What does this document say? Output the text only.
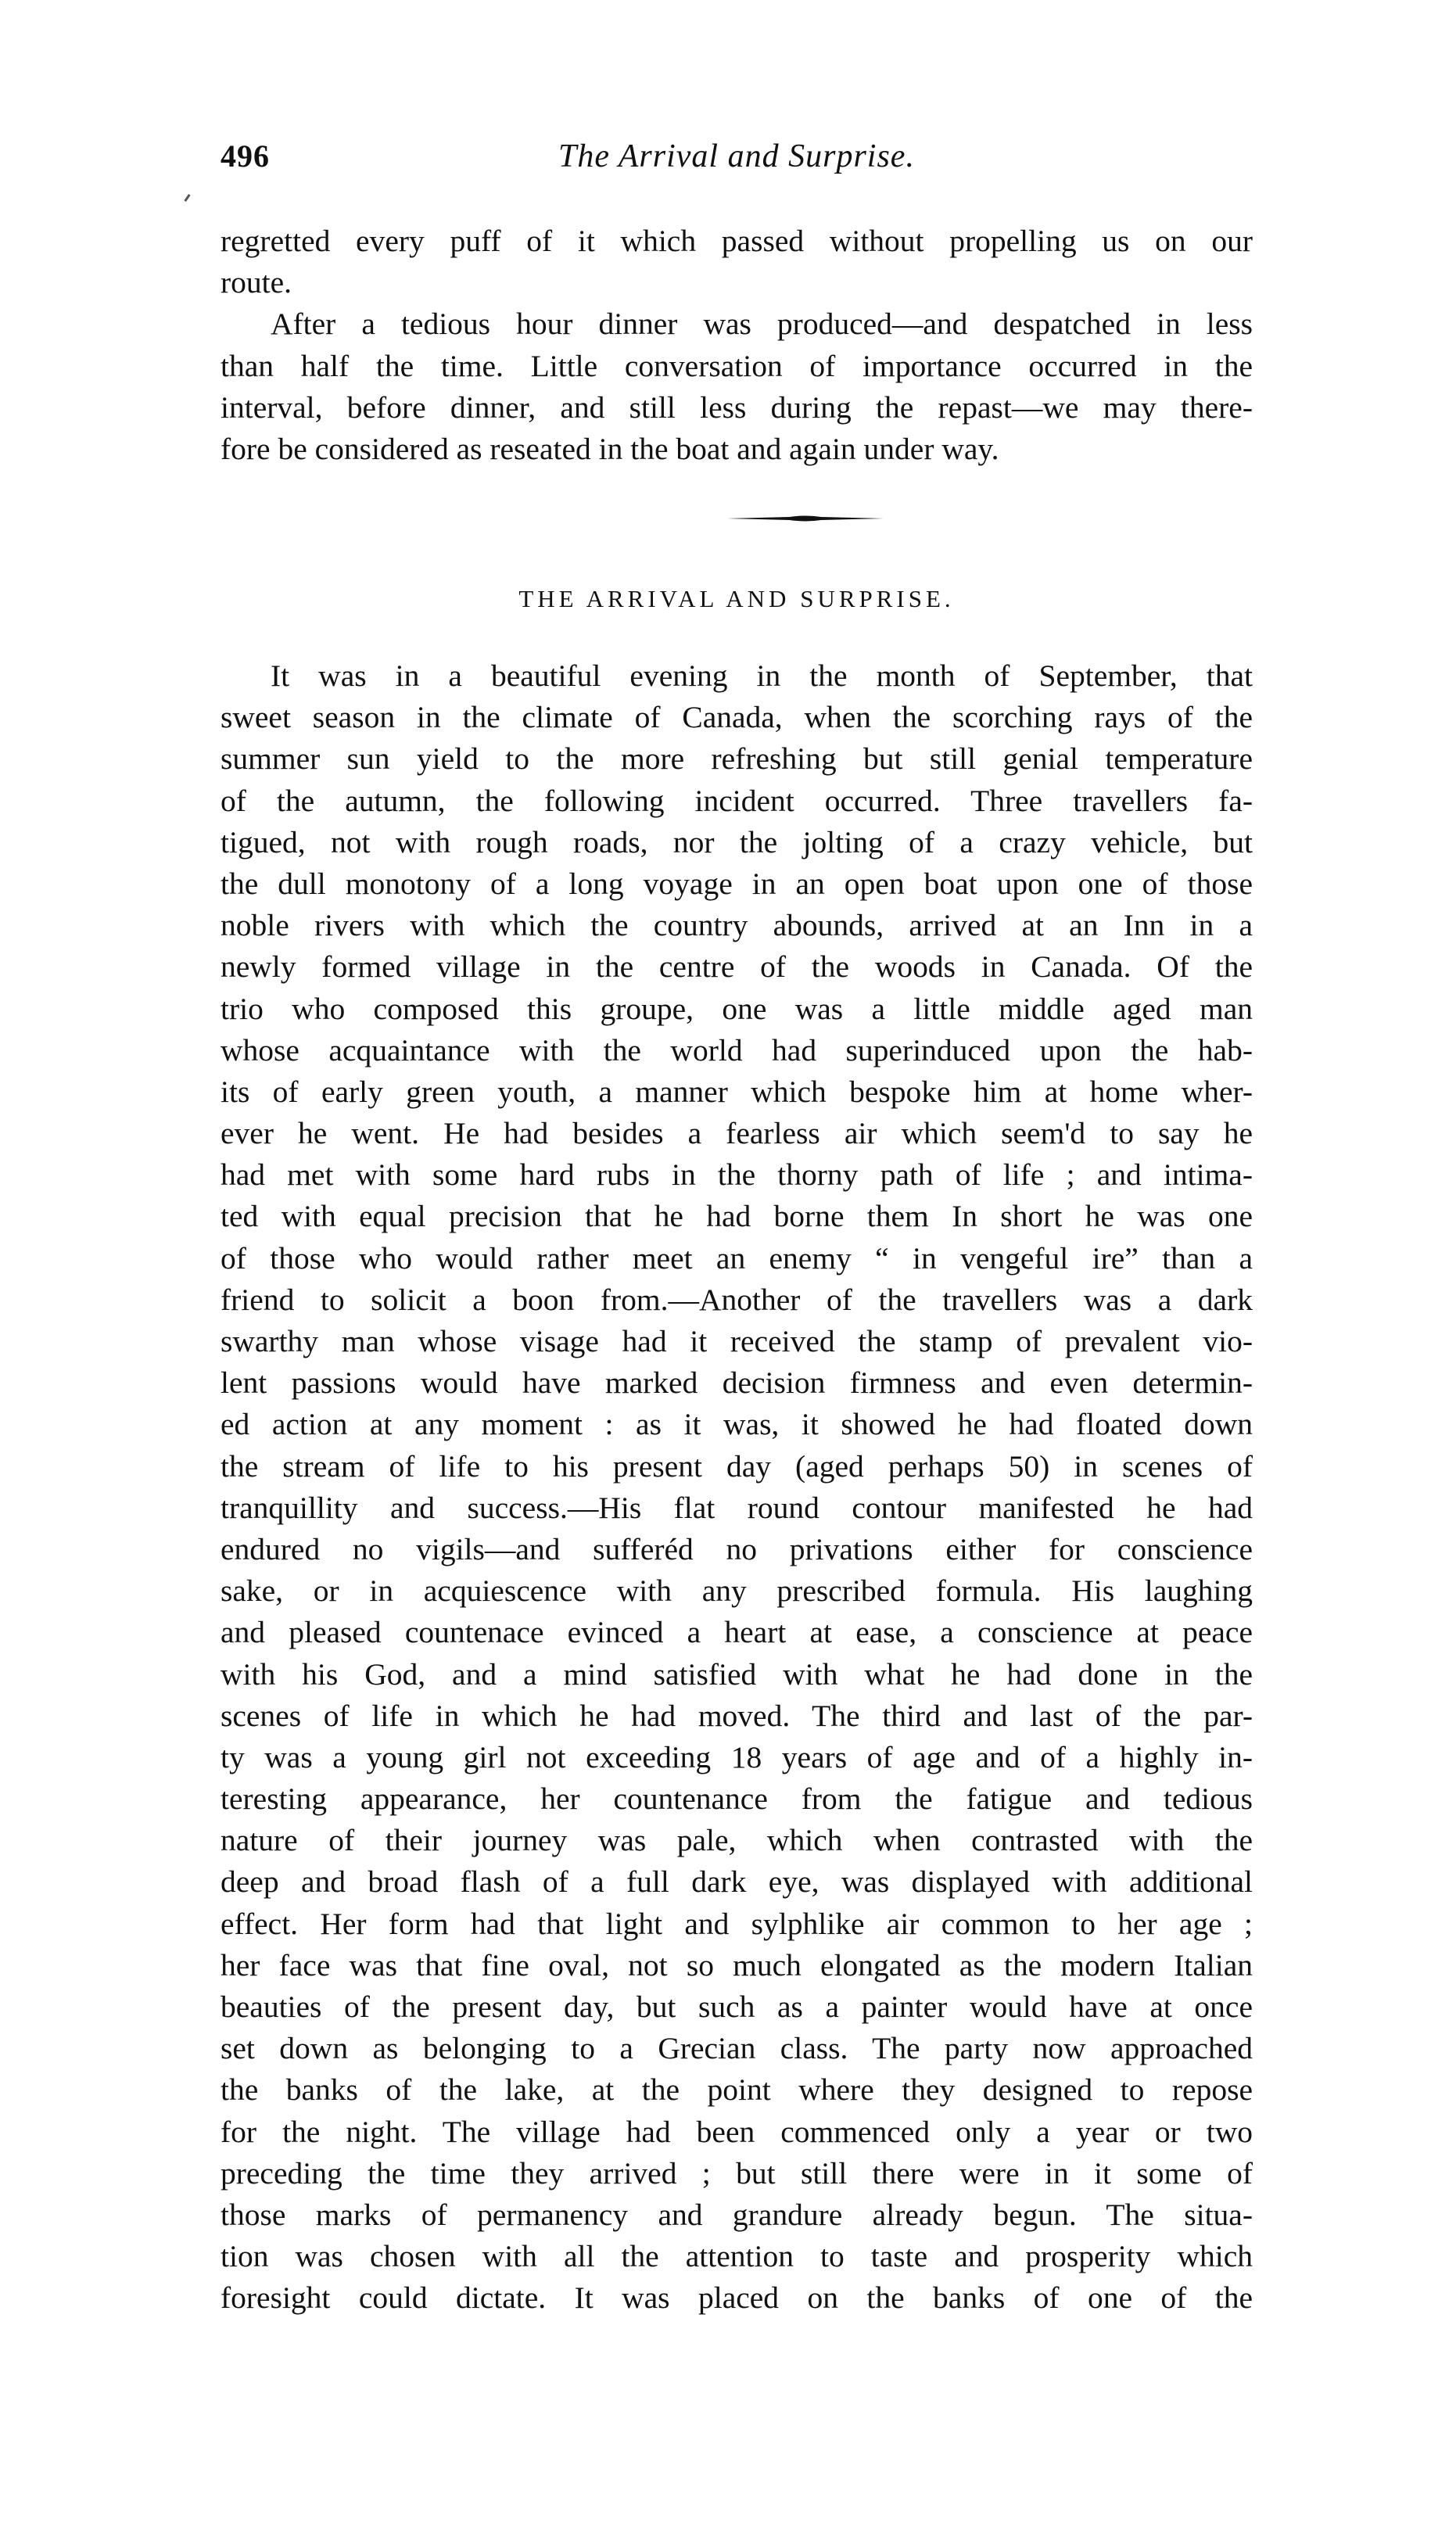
496	The Arrival and Surprise.
regretted every puff of it which passed without propelling us on our
route.
After a tedious hour dinner was produced—and despatched in less
than half the time. Little conversation of importance occurred in the
interval, before dinner, and still less during the repast—we may there-
fore be considered as reseated in the boat and again under way.
THE ARRIVAL AND SURPRISE.
It was in a beautiful evening in the month of September, that
sweet season in the climate of Canada, when the scorching rays of the
summer sun yield to the more refreshing but still genial temperature
of the autumn, the following incident occurred. Three travellers fa-
tigued, not with rough roads, nor the jolting of a crazy vehicle, but
the dull monotony of a long voyage in an open boat upon one of those
noble rivers with which the country abounds, arrived at an Inn in a
newly formed village in the centre of the woods in Canada. Of the
trio who composed this groupe, one was a little middle aged man
whose acquaintance with the world had superinduced upon the hab-
its of early green youth, a manner which bespoke him at home wher-
ever he went. He had besides a fearless air which seem'd to say he
had met with some hard rubs in the thorny path of life ; and intima-
ted with equal precision that he had borne them In short he was one
of those who would rather meet an enemy “ in vengeful ire” than a
friend to solicit a boon from.—Another of the travellers was a dark
swarthy man whose visage had it received the stamp of prevalent vio-
lent passions would have marked decision firmness and even determin-
ed action at any moment : as it was, it showed he had floated down
the stream of life to his present day (aged perhaps 50) in scenes of
tranquillity and success.—His flat round contour manifested he had
endured no vigils—and sufferéd no privations either for conscience
sake, or in acquiescence with any prescribed formula. His laughing
and pleased countenace evinced a heart at ease, a conscience at peace
with his God, and a mind satisfied with what he had done in the
scenes of life in which he had moved. The third and last of the par-
ty was a young girl not exceeding 18 years of age and of a highly in-
teresting appearance, her countenance from the fatigue and tedious
nature of their journey was pale, which when contrasted with the
deep and broad flash of a full dark eye, was displayed with additional
effect. Her form had that light and sylphlike air common to her age ;
her face was that fine oval, not so much elongated as the modern Italian
beauties of the present day, but such as a painter would have at once
set down as belonging to a Grecian class. The party now approached
the banks of the lake, at the point where they designed to repose
for the night. The village had been commenced only a year or two
preceding the time they arrived ; but still there were in it some of
those marks of permanency and grandure already begun. The situa-
tion was chosen with all the attention to taste and prosperity which
foresight could dictate. It was placed on the banks of one of the
